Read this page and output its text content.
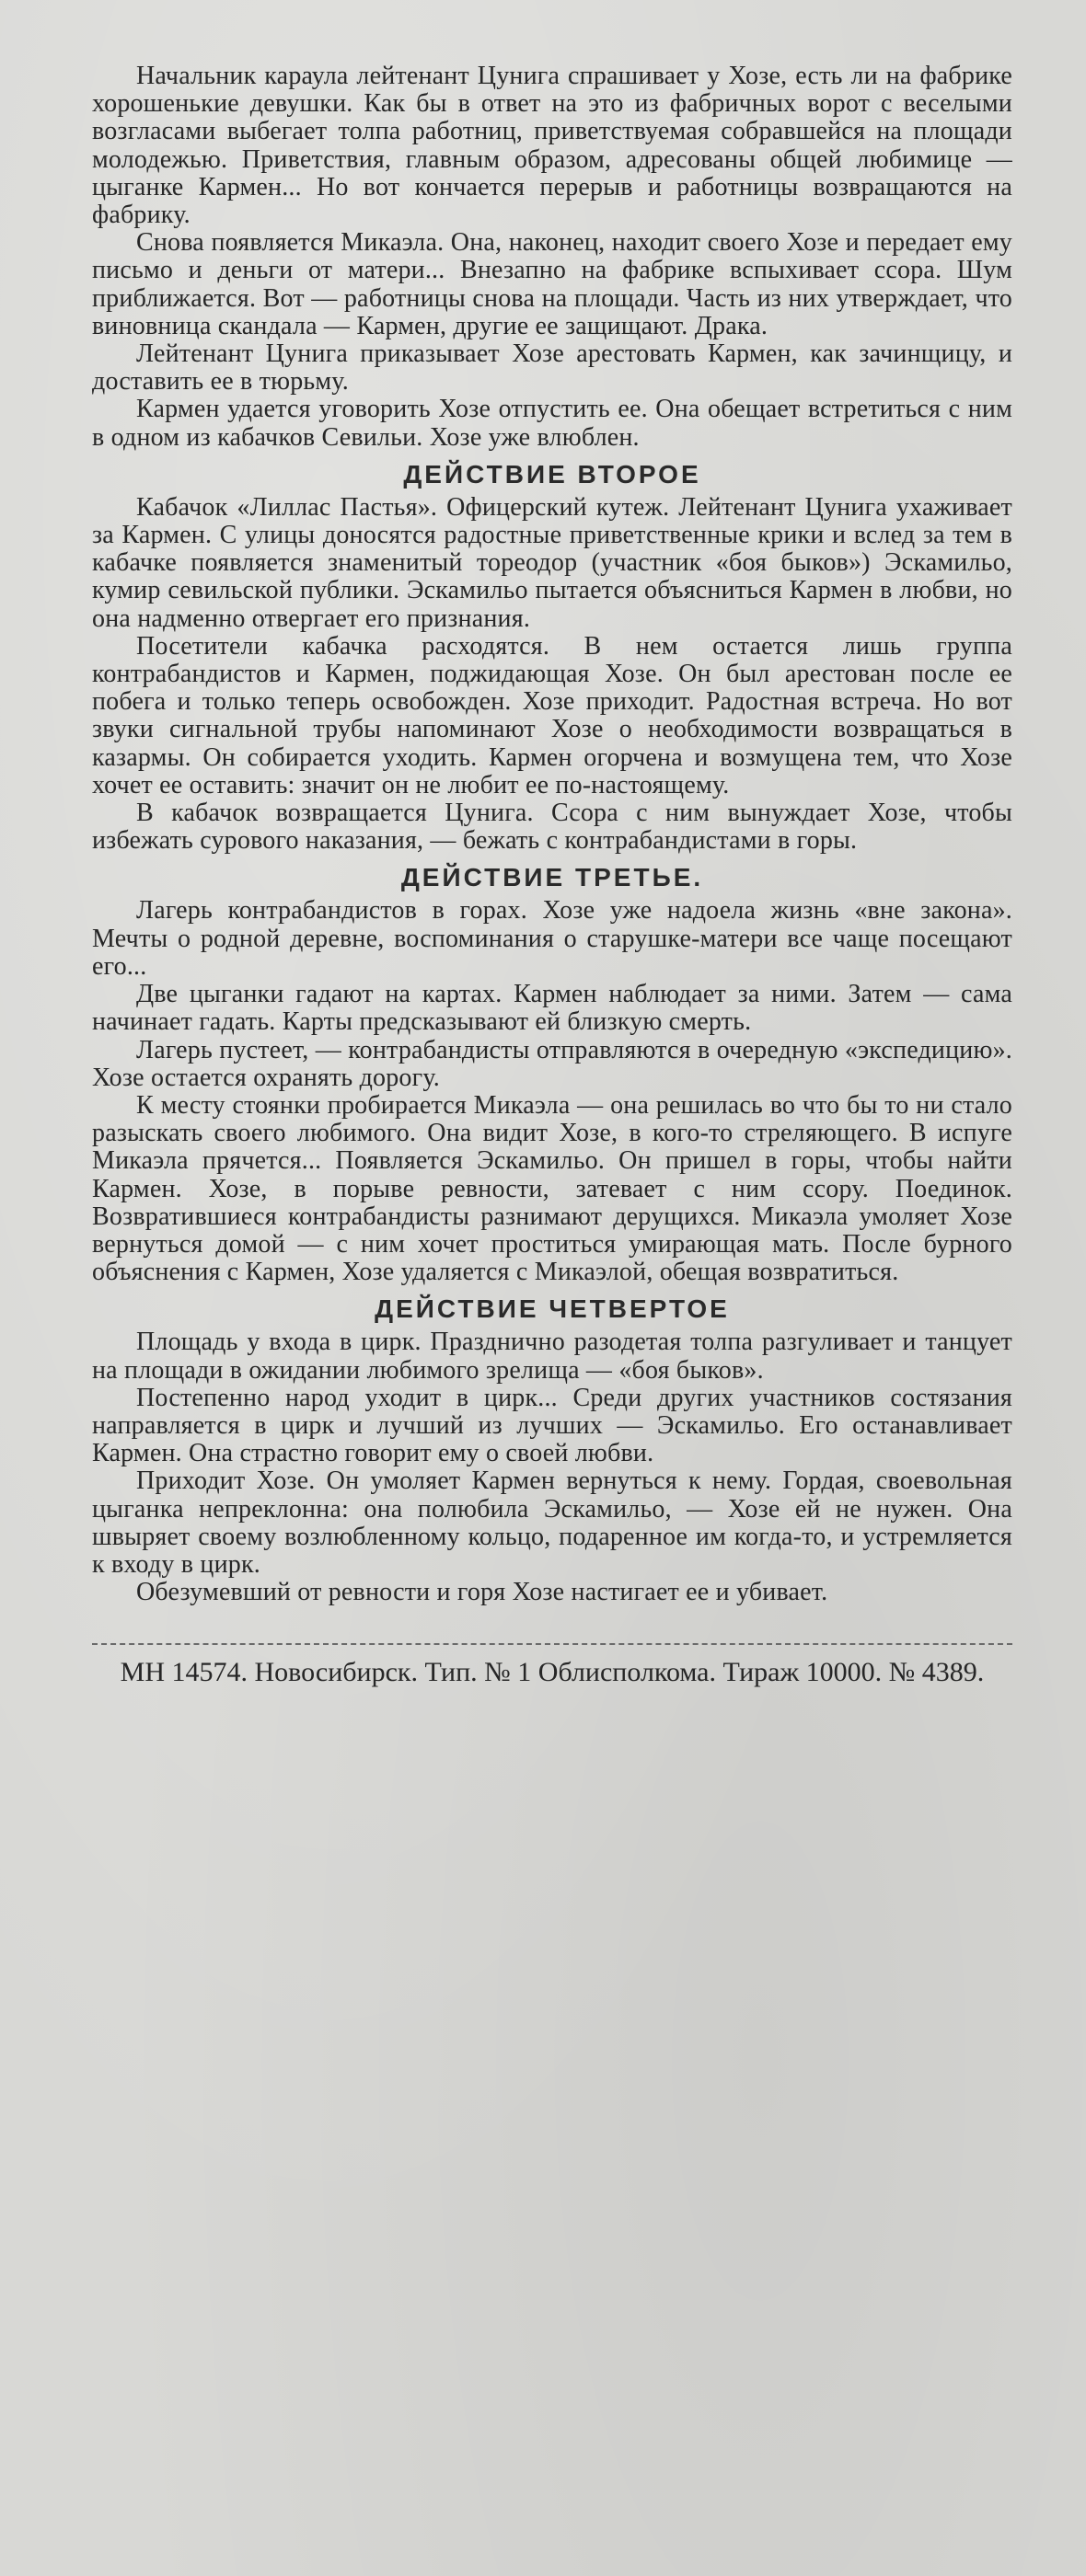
Начальник караула лейтенант Цунига спрашивает у Хозе, есть ли на фабрике хорошенькие девушки. Как бы в ответ на это из фабричных ворот с веселыми возгласами выбегает толпа работниц, приветствуемая собравшейся на площади молодежью. Приветствия, главным образом, адресованы общей любимице — цыганке Кармен... Но вот кончается перерыв и работницы возвращаются на фабрику.

Снова появляется Микаэла. Она, наконец, находит своего Хозе и передает ему письмо и деньги от матери... Внезапно на фабрике вспыхивает ссора. Шум приближается. Вот — работницы снова на площади. Часть из них утверждает, что виновница скандала — Кармен, другие ее защищают. Драка.

Лейтенант Цунига приказывает Хозе арестовать Кармен, как зачинщицу, и доставить ее в тюрьму.

Кармен удается уговорить Хозе отпустить ее. Она обещает встретиться с ним в одном из кабачков Севильи. Хозе уже влюблен.

ДЕЙСТВИЕ ВТОРОЕ

Кабачок «Лиллас Пастья». Офицерский кутеж. Лейтенант Цунига ухаживает за Кармен. С улицы доносятся радостные приветственные крики и вслед за тем в кабачке появляется знаменитый тореодор (участник «боя быков») Эскамильо, кумир севильской публики. Эскамильо пытается объясниться Кармен в любви, но она надменно отвергает его признания.

Посетители кабачка расходятся. В нем остается лишь группа контрабандистов и Кармен, поджидающая Хозе. Он был арестован после ее побега и только теперь освобожден. Хозе приходит. Радостная встреча. Но вот звуки сигнальной трубы напоминают Хозе о необходимости возвращаться в казармы. Он собирается уходить. Кармен огорчена и возмущена тем, что Хозе хочет ее оставить: значит он не любит ее по-настоящему.

В кабачок возвращается Цунига. Ссора с ним вынуждает Хозе, чтобы избежать сурового наказания, — бежать с контрабандистами в горы.

ДЕЙСТВИЕ ТРЕТЬЕ.

Лагерь контрабандистов в горах. Хозе уже надоела жизнь «вне закона». Мечты о родной деревне, воспоминания о старушке-матери все чаще посещают его...

Две цыганки гадают на картах. Кармен наблюдает за ними. Затем — сама начинает гадать. Карты предсказывают ей близкую смерть.

Лагерь пустеет, — контрабандисты отправляются в очередную «экспедицию». Хозе остается охранять дорогу.

К месту стоянки пробирается Микаэла — она решилась во что бы то ни стало разыскать своего любимого. Она видит Хозе, в кого-то стреляющего. В испуге Микаэла прячется... Появляется Эскамильо. Он пришел в горы, чтобы найти Кармен. Хозе, в порыве ревности, затевает с ним ссору. Поединок. Возвратившиеся контрабандисты разнимают дерущихся. Микаэла умоляет Хозе вернуться домой — с ним хочет проститься умирающая мать. После бурного объяснения с Кармен, Хозе удаляется с Микаэлой, обещая возвратиться.

ДЕЙСТВИЕ ЧЕТВЕРТОЕ

Площадь у входа в цирк. Празднично разодетая толпа разгуливает и танцует на площади в ожидании любимого зрелища — «боя быков».

Постепенно народ уходит в цирк... Среди других участников состязания направляется в цирк и лучший из лучших — Эскамильо. Его останавливает Кармен. Она страстно говорит ему о своей любви.

Приходит Хозе. Он умоляет Кармен вернуться к нему. Гордая, своевольная цыганка непреклонна: она полюбила Эскамильо, — Хозе ей не нужен. Она швыряет своему возлюбленному кольцо, подаренное им когда-то, и устремляется к входу в цирк.

Обезумевший от ревности и горя Хозе настигает ее и убивает.

МН 14574. Новосибирск. Тип. № 1 Облисполкома. Тираж 10000. № 4389.
